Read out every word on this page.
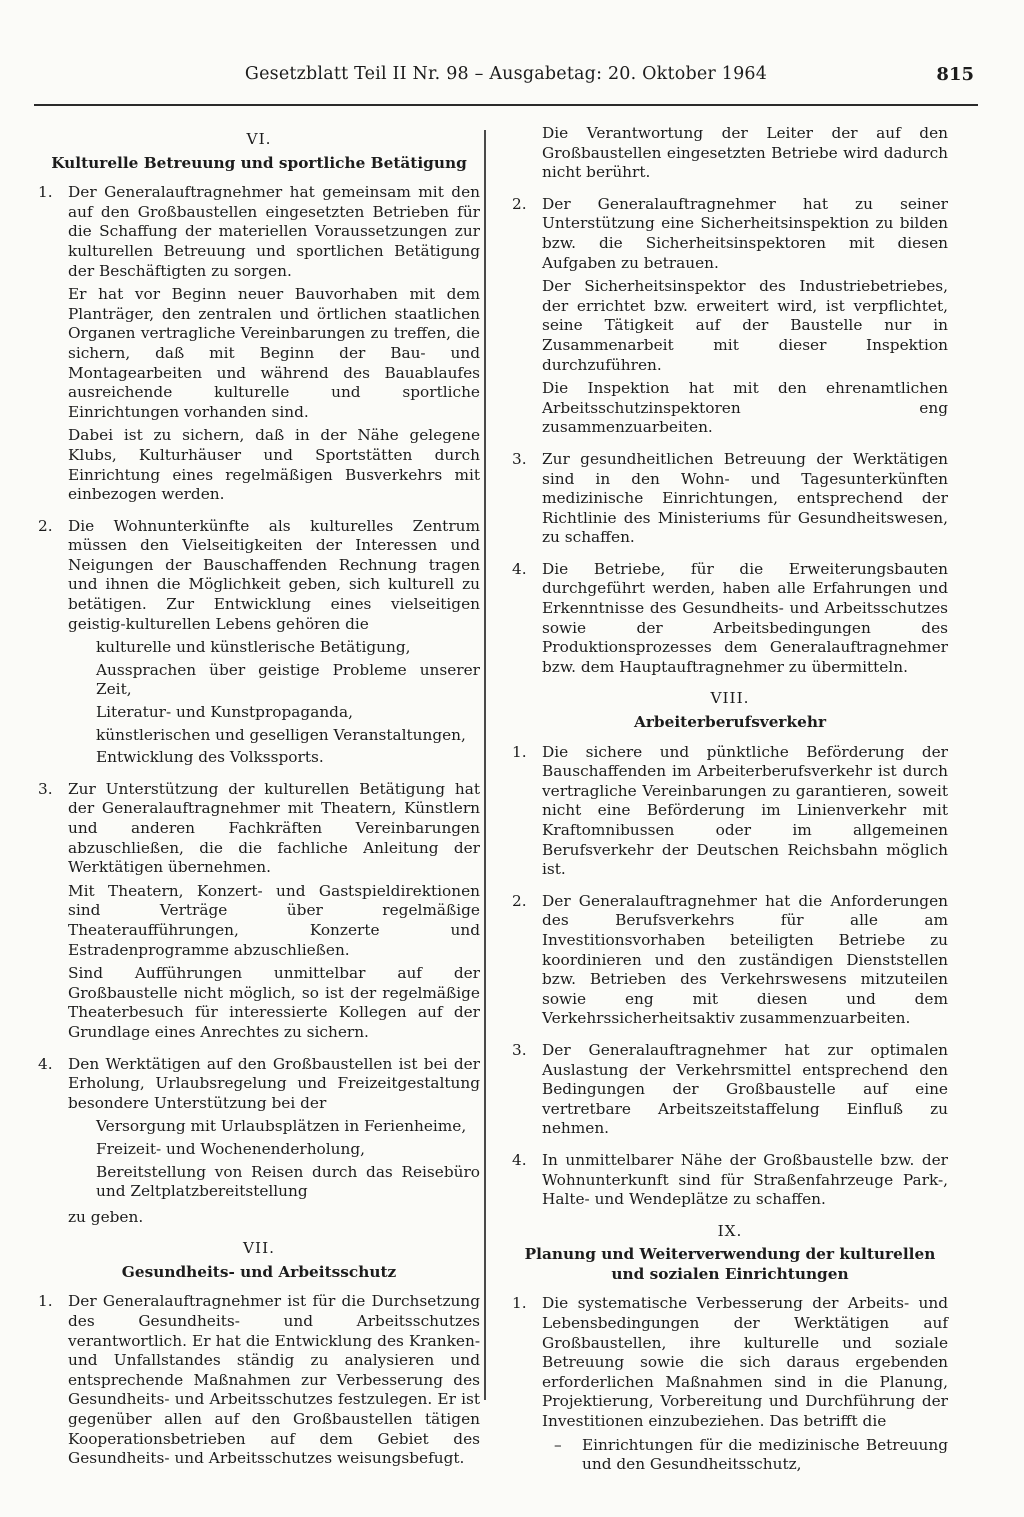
Gesetzblatt Teil II Nr. 98 – Ausgabetag: 20. Oktober 1964	815
VI.
Kulturelle Betreuung und sportliche Betätigung
1. Der Generalauftragnehmer hat gemeinsam mit den auf den Großbaustellen eingesetzten Betrieben für die Schaffung der materiellen Voraussetzungen zur kulturellen Betreuung und sportlichen Betätigung der Beschäftigten zu sorgen.

Er hat vor Beginn neuer Bauvorhaben mit dem Planträger, den zentralen und örtlichen staatlichen Organen vertragliche Vereinbarungen zu treffen, die sichern, daß mit Beginn der Bau- und Montagearbeiten und während des Bauablaufes ausreichende kulturelle und sportliche Einrichtungen vorhanden sind.

Dabei ist zu sichern, daß in der Nähe gelegene Klubs, Kulturhäuser und Sportstätten durch Einrichtung eines regelmäßigen Busverkehrs mit einbezogen werden.

2. Die Wohnunterkünfte als kulturelles Zentrum müssen den Vielseitigkeiten der Interessen und Neigungen der Bauschaffenden Rechnung tragen und ihnen die Möglichkeit geben, sich kulturell zu betätigen. Zur Entwicklung eines vielseitigen geistig-kulturellen Lebens gehören die

kulturelle und künstlerische Betätigung,
Aussprachen über geistige Probleme unserer Zeit,
Literatur- und Kunstpropaganda,
künstlerischen und geselligen Veranstaltungen,
Entwicklung des Volkssports.
3. Zur Unterstützung der kulturellen Betätigung hat der Generalauftragnehmer mit Theatern, Künstlern und anderen Fachkräften Vereinbarungen abzuschließen, die die fachliche Anleitung der Werktätigen übernehmen.

Mit Theatern, Konzert- und Gastspieldirektionen sind Verträge über regelmäßige Theateraufführungen, Konzerte und Estradenprogramme abzuschließen.

Sind Aufführungen unmittelbar auf der Großbaustelle nicht möglich, so ist der regelmäßige Theaterbesuch für interessierte Kollegen auf der Grundlage eines Anrechtes zu sichern.

4. Den Werktätigen auf den Großbaustellen ist bei der Erholung, Urlaubsregelung und Freizeitgestaltung besondere Unterstützung bei der

Versorgung mit Urlaubsplätzen in Ferienheime,
Freizeit- und Wochenenderholung,
Bereitstellung von Reisen durch das Reisebüro und Zeltplatzbereitstellung
zu geben.
VII.
Gesundheits- und Arbeitsschutz
1. Der Generalauftragnehmer ist für die Durchsetzung des Gesundheits- und Arbeitsschutzes verantwortlich. Er hat die Entwicklung des Kranken- und Unfallstandes ständig zu analysieren und entsprechende Maßnahmen zur Verbesserung des Gesundheits- und Arbeitsschutzes festzulegen. Er ist gegenüber allen auf den Großbaustellen tätigen Kooperationsbetrieben auf dem Gebiet des Gesundheits- und Arbeitsschutzes weisungsbefugt.

Die Verantwortung der Leiter der auf den Großbaustellen eingesetzten Betriebe wird dadurch nicht berührt.

2. Der Generalauftragnehmer hat zu seiner Unterstützung eine Sicherheitsinspektion zu bilden bzw. die Sicherheitsinspektoren mit diesen Aufgaben zu betrauen.

Der Sicherheitsinspektor des Industriebetriebes, der errichtet bzw. erweitert wird, ist verpflichtet, seine Tätigkeit auf der Baustelle nur in Zusammenarbeit mit dieser Inspektion durchzuführen.

Die Inspektion hat mit den ehrenamtlichen Arbeitsschutzinspektoren eng zusammenzuarbeiten.

3. Zur gesundheitlichen Betreuung der Werktätigen sind in den Wohn- und Tagesunterkünften medizinische Einrichtungen, entsprechend der Richtlinie des Ministeriums für Gesundheitswesen, zu schaffen.

4. Die Betriebe, für die Erweiterungsbauten durchgeführt werden, haben alle Erfahrungen und Erkenntnisse des Gesundheits- und Arbeitsschutzes sowie der Arbeitsbedingungen des Produktionsprozesses dem Generalauftragnehmer bzw. dem Hauptauftragnehmer zu übermitteln.

VIII.
Arbeiterberufsverkehr
1. Die sichere und pünktliche Beförderung der Bauschaffenden im Arbeiterberufsverkehr ist durch vertragliche Vereinbarungen zu garantieren, soweit nicht eine Beförderung im Linienverkehr mit Kraftomnibussen oder im allgemeinen Berufsverkehr der Deutschen Reichsbahn möglich ist.

2. Der Generalauftragnehmer hat die Anforderungen des Berufsverkehrs für alle am Investitionsvorhaben beteiligten Betriebe zu koordinieren und den zuständigen Dienststellen bzw. Betrieben des Verkehrswesens mitzuteilen sowie eng mit diesen und dem Verkehrssicherheitsaktiv zusammenzuarbeiten.

3. Der Generalauftragnehmer hat zur optimalen Auslastung der Verkehrsmittel entsprechend den Bedingungen der Großbaustelle auf eine vertretbare Arbeitszeitstaffelung Einfluß zu nehmen.

4. In unmittelbarer Nähe der Großbaustelle bzw. der Wohnunterkunft sind für Straßenfahrzeuge Park-, Halte- und Wendeplätze zu schaffen.

IX.
Planung und Weiterverwendung der kulturellen und sozialen Einrichtungen
1. Die systematische Verbesserung der Arbeits- und Lebensbedingungen der Werktätigen auf Großbaustellen, ihre kulturelle und soziale Betreuung sowie die sich daraus ergebenden erforderlichen Maßnahmen sind in die Planung, Projektierung, Vorbereitung und Durchführung der Investitionen einzubeziehen. Das betrifft die

– Einrichtungen für die medizinische Betreuung und den Gesundheitsschutz,
